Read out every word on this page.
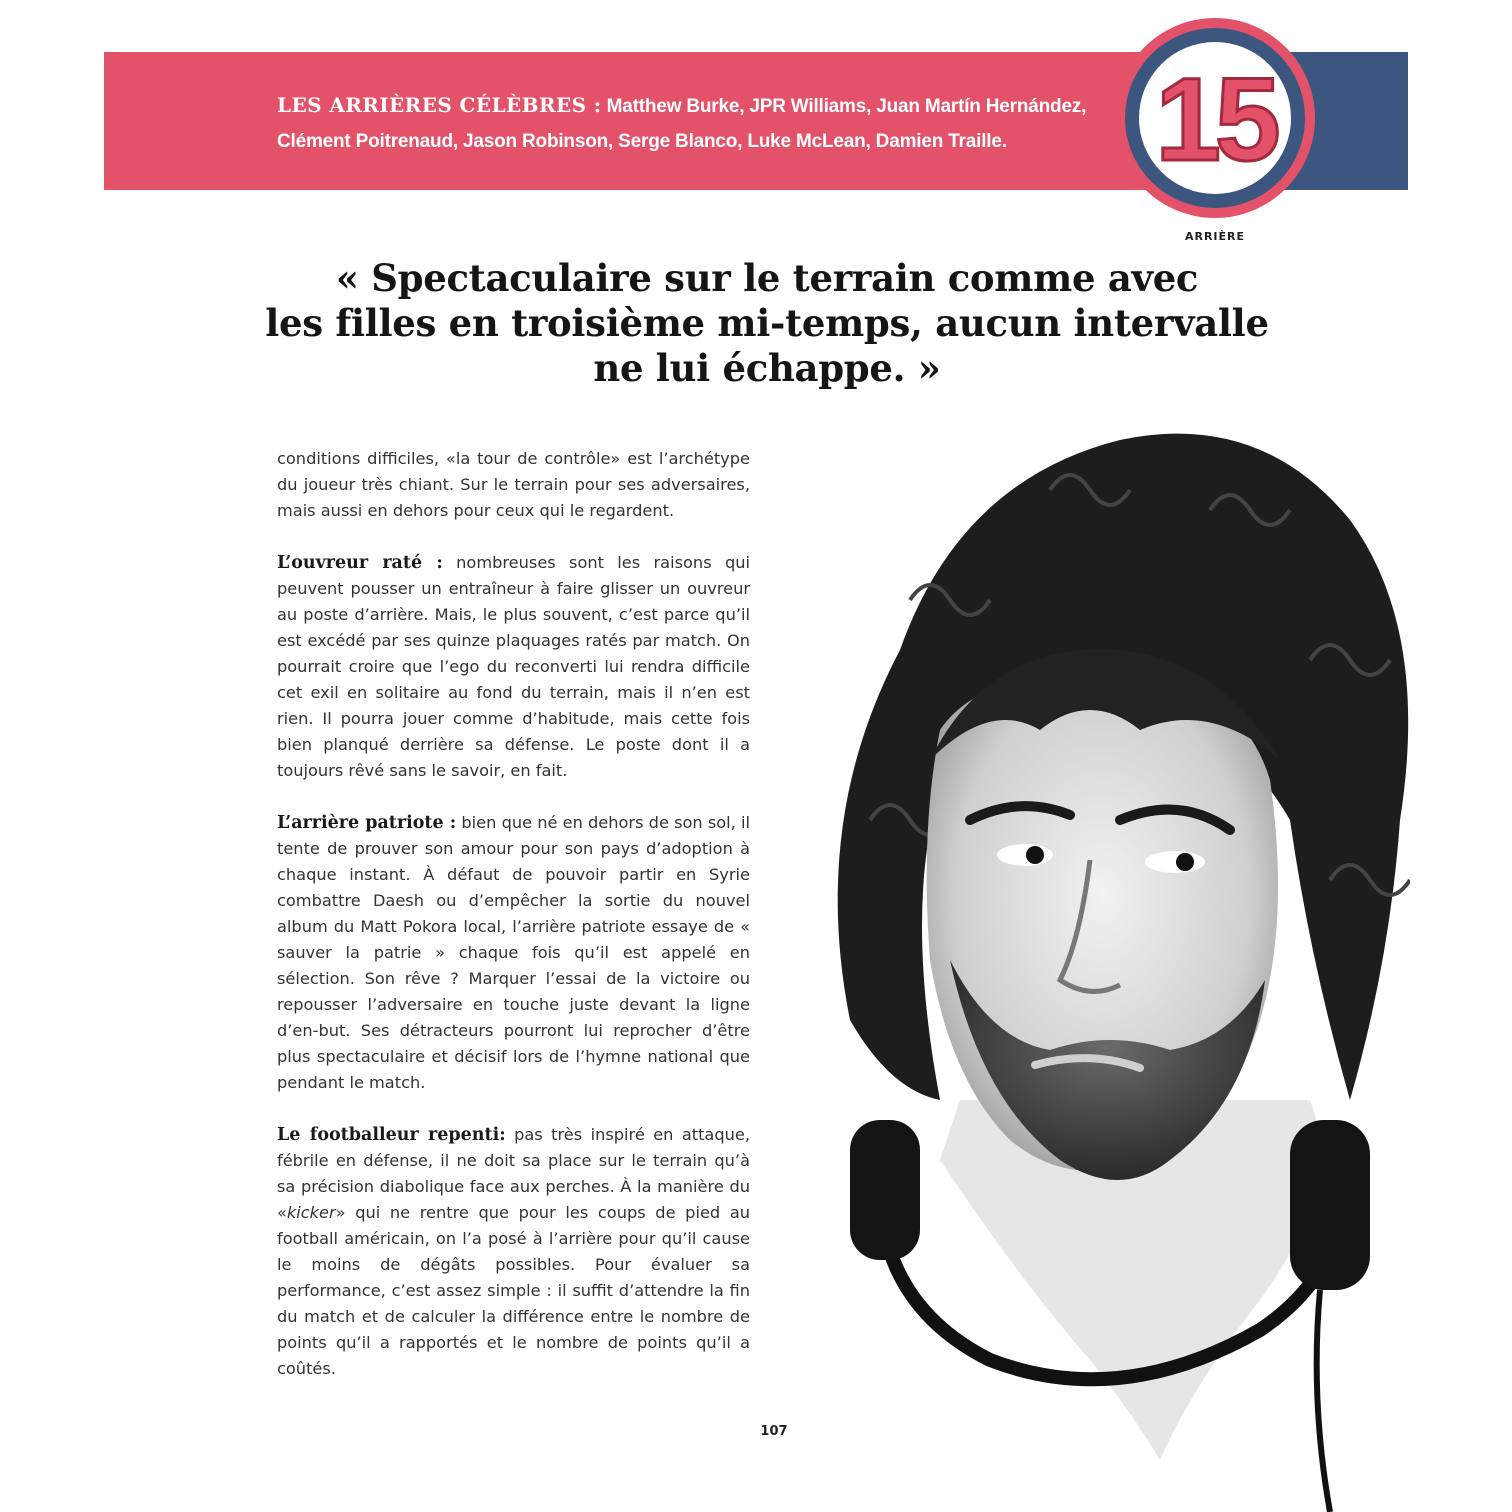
LES ARRIÈRES CÉLÈBRES : Matthew Burke, JPR Williams, Juan Martín Hernández,
Clément Poitrenaud, Jason Robinson, Serge Blanco, Luke McLean, Damien Traille.	15
ARRIÈRE
« Spectaculaire sur le terrain comme avec
les filles en troisième mi-temps, aucun intervalle
ne lui échappe. »

conditions difficiles, «la tour de contrôle» est l’archétype du joueur très chiant. Sur le terrain pour ses adversaires, mais aussi en dehors pour ceux qui le regardent.

L’ouvreur raté : nombreuses sont les raisons qui peuvent pousser un entraîneur à faire glisser un ouvreur au poste d’arrière. Mais, le plus souvent, c’est parce qu’il est excédé par ses quinze plaquages ratés par match. On pourrait croire que l’ego du reconverti lui rendra difficile cet exil en solitaire au fond du terrain, mais il n’en est rien. Il pourra jouer comme d’habitude, mais cette fois bien planqué derrière sa défense. Le poste dont il a toujours rêvé sans le savoir, en fait.

L’arrière patriote : bien que né en dehors de son sol, il tente de prouver son amour pour son pays d’adoption à chaque instant. À défaut de pouvoir partir en Syrie combattre Daesh ou d’empêcher la sortie du nouvel album du Matt Pokora local, l’arrière patriote essaye de « sauver la patrie » chaque fois qu’il est appelé en sélection. Son rêve ? Marquer l’essai de la victoire ou repousser l’adversaire en touche juste devant la ligne d’en-but. Ses détracteurs pourront lui reprocher d’être plus spectaculaire et décisif lors de l’hymne national que pendant le match.

Le footballeur repenti: pas très inspiré en attaque, fébrile en défense, il ne doit sa place sur le terrain qu’à sa précision diabolique face aux perches. À la manière du «kicker» qui ne rentre que pour les coups de pied au football américain, on l’a posé à l’arrière pour qu’il cause le moins de dégâts possibles. Pour évaluer sa performance, c’est assez simple : il suffit d’attendre la fin du match et de calculer la différence entre le nombre de points qu’il a rapportés et le nombre de points qu’il a coûtés.

107
